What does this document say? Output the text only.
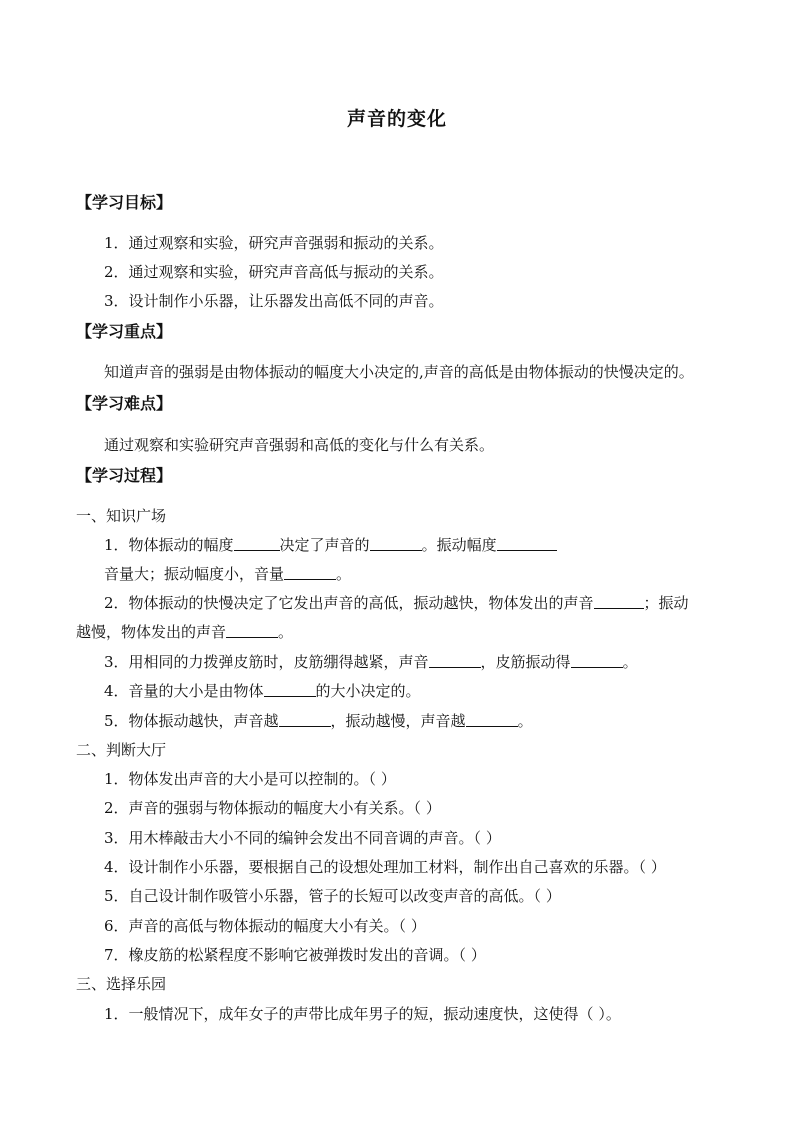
声音的变化
【学习目标】
1．通过观察和实验，研究声音强弱和振动的关系。
2．通过观察和实验，研究声音高低与振动的关系。
3．设计制作小乐器，让乐器发出高低不同的声音。
【学习重点】
知道声音的强弱是由物体振动的幅度大小决定的,声音的高低是由物体振动的快慢决定的。
【学习难点】
通过观察和实验研究声音强弱和高低的变化与什么有关系。
【学习过程】
一、知识广场
1．物体振动的幅度	决定了声音的	。振动幅度
音量大；振动幅度小，音量	。
2．物体振动的快慢决定了它发出声音的高低，振动越快，物体发出的声音	；振动
越慢，物体发出的声音	。
3．用相同的力拨弹皮筋时，皮筋绷得越紧，声音	，皮筋振动得	。
4．音量的大小是由物体	的大小决定的。
5．物体振动越快，声音越	，振动越慢，声音越	。
二、判断大厅
1．物体发出声音的大小是可以控制的。（ ）
2．声音的强弱与物体振动的幅度大小有关系。（ ）
3．用木棒敲击大小不同的编钟会发出不同音调的声音。（ ）
4．设计制作小乐器，要根据自己的设想处理加工材料，制作出自己喜欢的乐器。（ ）
5．自己设计制作吸管小乐器，管子的长短可以改变声音的高低。（ ）
6．声音的高低与物体振动的幅度大小有关。（ ）
7．橡皮筋的松紧程度不影响它被弹拨时发出的音调。（ ）
三、选择乐园
1．一般情况下，成年女子的声带比成年男子的短，振动速度快，这使得（ ）。
